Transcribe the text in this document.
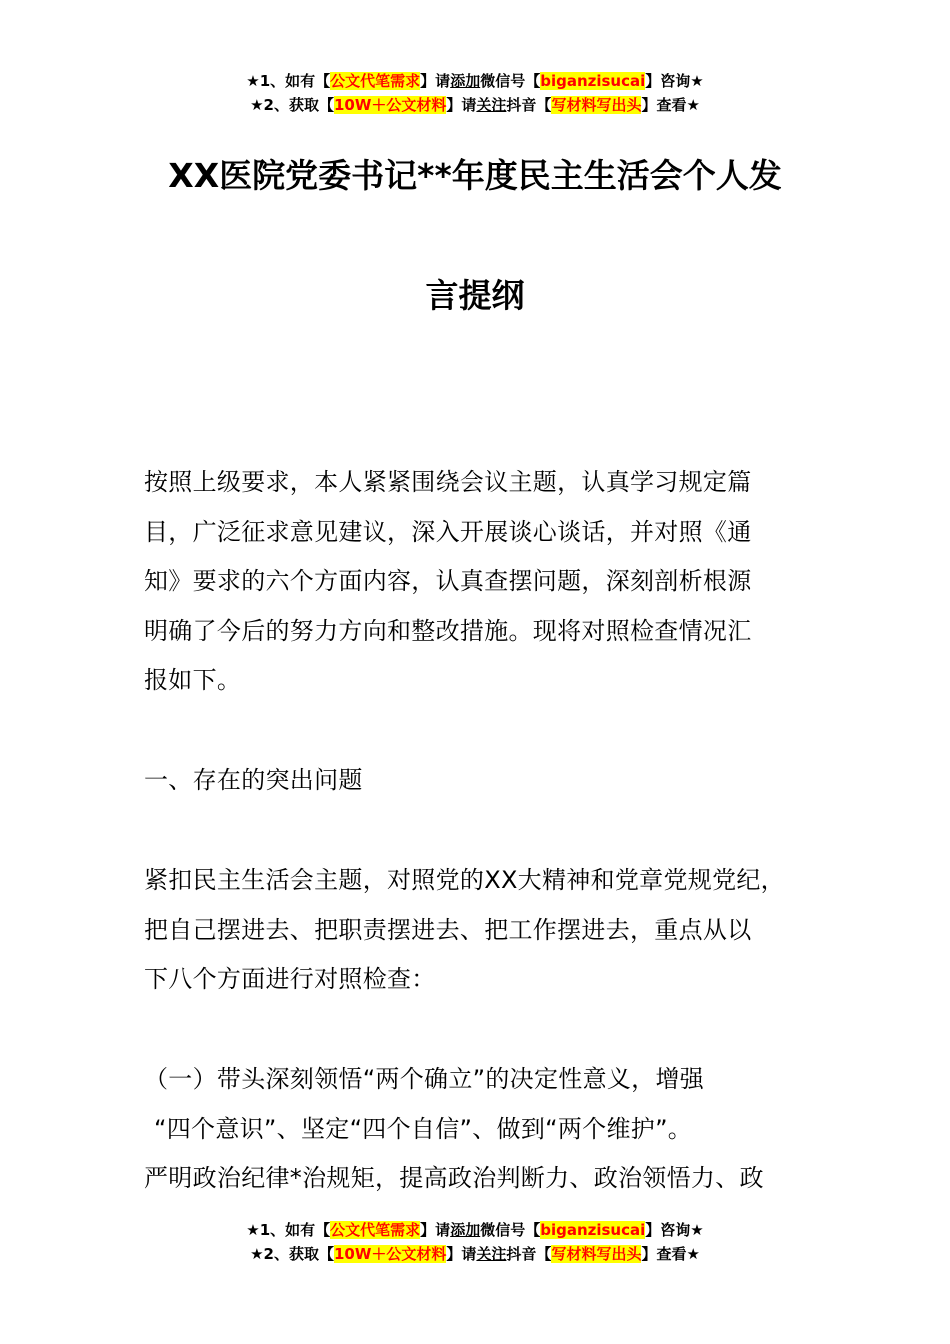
★1、如有【公文代笔需求】请添加微信号【biganzisucai】咨询★
★2、获取【10W＋公文材料】请关注抖音【写材料写出头】查看★
XX医院党委书记**年度民主生活会个人发
言提纲
按照上级要求，本人紧紧围绕会议主题，认真学习规定篇
目，广泛征求意见建议，深入开展谈心谈话，并对照《通
知》要求的六个方面内容，认真查摆问题，深刻剖析根源
明确了今后的努力方向和整改措施。现将对照检查情况汇
报如下。
一、存在的突出问题
紧扣民主生活会主题，对照党的XX大精神和党章党规党纪，
把自己摆进去、把职责摆进去、把工作摆进去，重点从以
下八个方面进行对照检查：
（一）带头深刻领悟“两个确立”的决定性意义，增强
“四个意识”、坚定“四个自信”、做到“两个维护”。
严明政治纪律*治规矩，提高政治判断力、政治领悟力、政
★1、如有【公文代笔需求】请添加微信号【biganzisucai】咨询★
★2、获取【10W＋公文材料】请关注抖音【写材料写出头】查看★
